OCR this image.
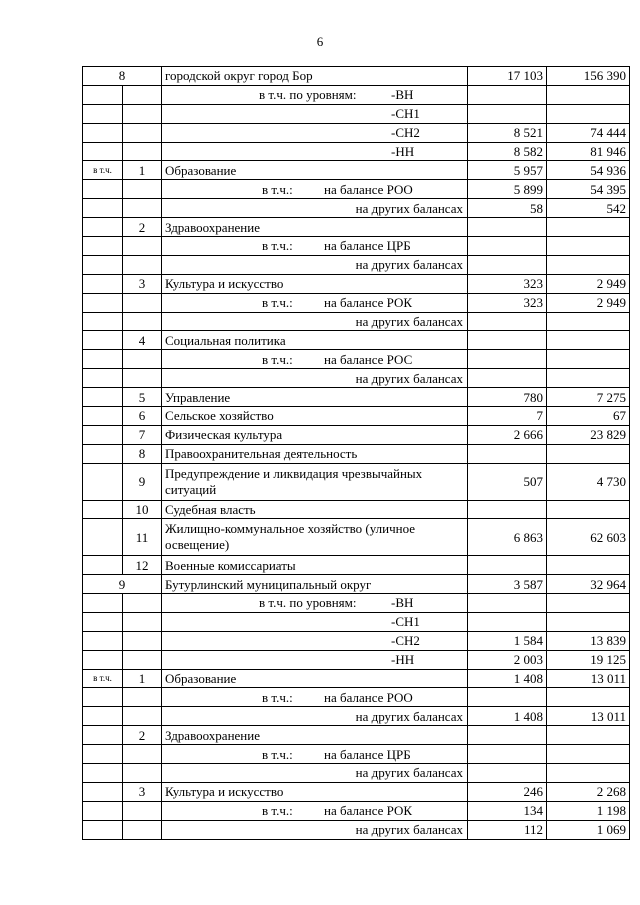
6
8		городской округ город Бор	17 103	156 390

		в т.ч. по уровням: -ВН		

		-СН1		

		-СН2	8 521	74 444

		-НН	8 582	81 946
в т.ч.	1	Образование	5 957	54 936

		в т.ч.: на балансе РОО	5 899	54 395
		на других балансах	58	542
	2	Здравоохранение		

		в т.ч.: на балансе ЦРБ		

		на других балансах		
	3	Культура и искусство	323	2 949

		в т.ч.: на балансе РОК	323	2 949
		на других балансах		
	4	Социальная политика		

		в т.ч.: на балансе РОС		

		на других балансах		
	5	Управление	780	7 275
	6	Сельское хозяйство	7	67
	7	Физическая культура	2 666	23 829
	8	Правоохранительная деятельность		
	9	Предупреждение и ликвидация чрезвычайных ситуаций	507	4 730
	10	Судебная власть		
	11	Жилищно-коммунальное хозяйство (уличное освещение)	6 863	62 603
	12	Военные комиссариаты		
9		Бутурлинский муниципальный округ	3 587	32 964

		в т.ч. по уровням: -ВН		

		-СН1		

		-СН2	1 584	13 839

		-НН	2 003	19 125
в т.ч.	1	Образование	1 408	13 011

		в т.ч.: на балансе РОО		

		на других балансах	1 408	13 011
	2	Здравоохранение		

		в т.ч.: на балансе ЦРБ		

		на других балансах		
	3	Культура и искусство	246	2 268

		в т.ч.: на балансе РОК	134	1 198
		на других балансах	112	1 069
